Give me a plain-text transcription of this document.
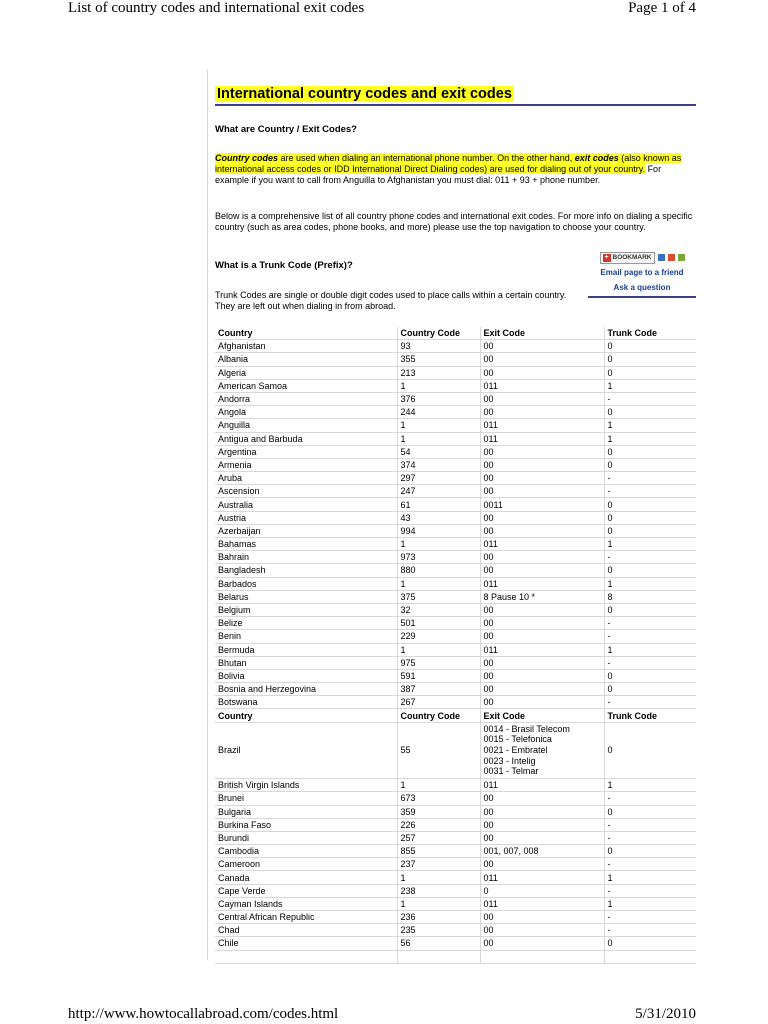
List of country codes and international exit codes	Page 1 of 4
International country codes and exit codes

What are Country / Exit Codes?

Country codes are used when dialing an international phone number. On the other hand, exit codes (also known as international access codes or IDD International Direct Dialing codes) are used for dialing out of your country. For example if you want to call from Anguilla to Afghanistan you must dial: 011 + 93 + phone number.

Below is a comprehensive list of all country phone codes and international exit codes. For more info on dialing a specific country (such as area codes, phone books, and more) please use the top navigation to choose your country.

What is a Trunk Code (Prefix)?

Trunk Codes are single or double digit codes used to place calls within a certain country. They are left out when dialing in from abroad.

+ BOOKMARK
Email page to a friend
Ask a question
Country	Country Code	Exit Code	Trunk Code
Afghanistan	93	00	0
Albania	355	00	0
Algeria	213	00	0
American Samoa	1	011	1
Andorra	376	00	-
Angola	244	00	0
Anguilla	1	011	1
Antigua and Barbuda	1	011	1
Argentina	54	00	0
Armenia	374	00	0
Aruba	297	00	-
Ascension	247	00	-
Australia	61	0011	0
Austria	43	00	0
Azerbaijan	994	00	0
Bahamas	1	011	1
Bahrain	973	00	-
Bangladesh	880	00	0
Barbados	1	011	1
Belarus	375	8 Pause 10 *	8
Belgium	32	00	0
Belize	501	00	-
Benin	229	00	-
Bermuda	1	011	1
Bhutan	975	00	-
Bolivia	591	00	0
Bosnia and Herzegovina	387	00	0
Botswana	267	00	-
Country	Country Code	Exit Code	Trunk Code
Brazil	55	0014 - Brasil Telecom
0015 - Telefonica
0021 - Embratel
0023 - Intelig
0031 - Telmar	0
British Virgin Islands	1	011	1
Brunei	673	00	-
Bulgaria	359	00	0
Burkina Faso	226	00	-
Burundi	257	00	-
Cambodia	855	001, 007, 008	0
Cameroon	237	00	-
Canada	1	011	1
Cape Verde	238	0	-
Cayman Islands	1	011	1
Central African Republic	236	00	-
Chad	235	00	-
Chile	56	00	0

http://www.howtocallabroad.com/codes.html	5/31/2010
